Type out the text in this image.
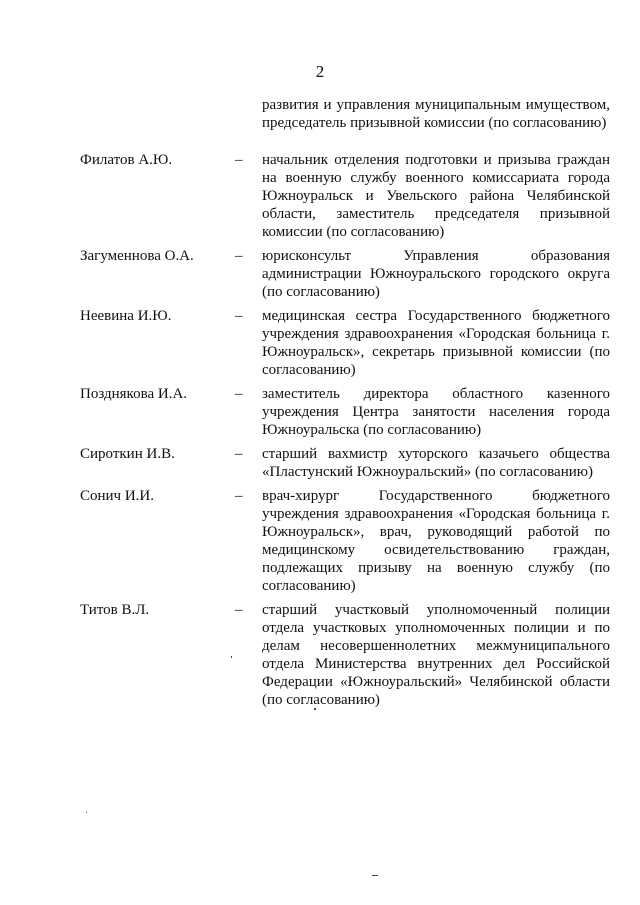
2
развития и управления муниципальным имуществом, председатель призывной комиссии (по согласованию)
Филатов А.Ю.	–	начальник отделения подготовки и призыва граждан на военную службу военного комиссариата города Южноуральск и Увельского района Челябинской области, заместитель председателя призывной комиссии (по согласованию)
Загуменнова О.А.	–	юрисконсульт Управления образования администрации Южноуральского городского округа (по согласованию)
Неевина И.Ю.	–	медицинская сестра Государственного бюджетного учреждения здравоохранения «Городская больница г. Южноуральск», секретарь призывной комиссии (по согласованию)
Позднякова И.А.	–	заместитель директора областного казенного учреждения Центра занятости населения города Южноуральска (по согласованию)
Сироткин И.В.	–	старший вахмистр хуторского казачьего общества «Пластунский Южноуральский» (по согласованию)
Сонич И.И.	–	врач-хирург Государственного бюджетного учреждения здравоохранения «Городская больница г. Южноуральск», врач, руководящий работой по медицинскому освидетельствованию граждан, подлежащих призыву на военную службу (по согласованию)
Титов В.Л.	–	старший участковый уполномоченный полиции отдела участковых уполномоченных полиции и по делам несовершеннолетних межмуниципального отдела Министерства внутренних дел Российской Федерации «Южноуральский» Челябинской области (по согласованию)
